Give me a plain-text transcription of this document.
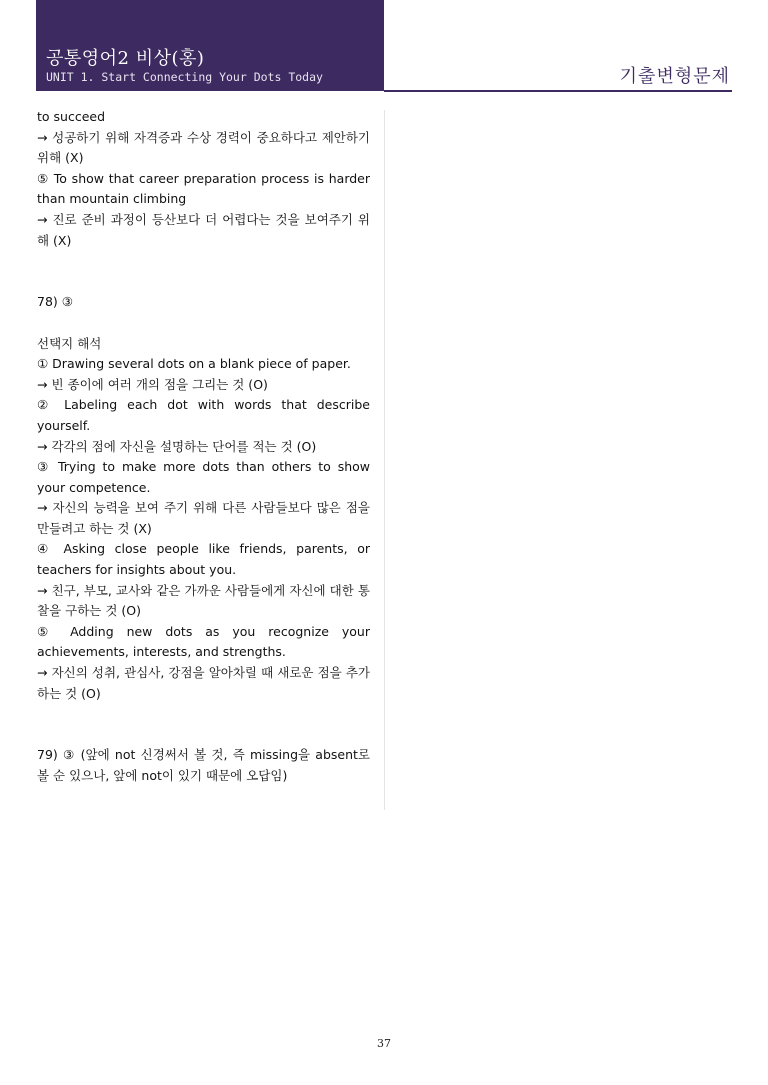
공통영어2 비상(홍)
UNIT 1. Start Connecting Your Dots Today	기출변형문제

to succeed

→ 성공하기 위해 자격증과 수상 경력이 중요하다고 제안하기 위해 (X)

⑤ To show that career preparation process is harder than mountain climbing

→ 진로 준비 과정이 등산보다 더 어렵다는 것을 보여주기 위해 (X)

78) ③

선택지 해석

① Drawing several dots on a blank piece of paper.

→ 빈 종이에 여러 개의 점을 그리는 것 (O)

② Labeling each dot with words that describe yourself.

→ 각각의 점에 자신을 설명하는 단어를 적는 것 (O)

③ Trying to make more dots than others to show your competence.

→ 자신의 능력을 보여 주기 위해 다른 사람들보다 많은 점을 만들려고 하는 것 (X)

④ Asking close people like friends, parents, or teachers for insights about you.

→ 친구, 부모, 교사와 같은 가까운 사람들에게 자신에 대한 통찰을 구하는 것 (O)

⑤ Adding new dots as you recognize your achievements, interests, and strengths.

→ 자신의 성취, 관심사, 강점을 알아차릴 때 새로운 점을 추가하는 것 (O)

79) ③ (앞에 not 신경써서 볼 것, 즉 missing을 absent로 볼 순 있으나, 앞에 not이 있기 때문에 오답임)

37
